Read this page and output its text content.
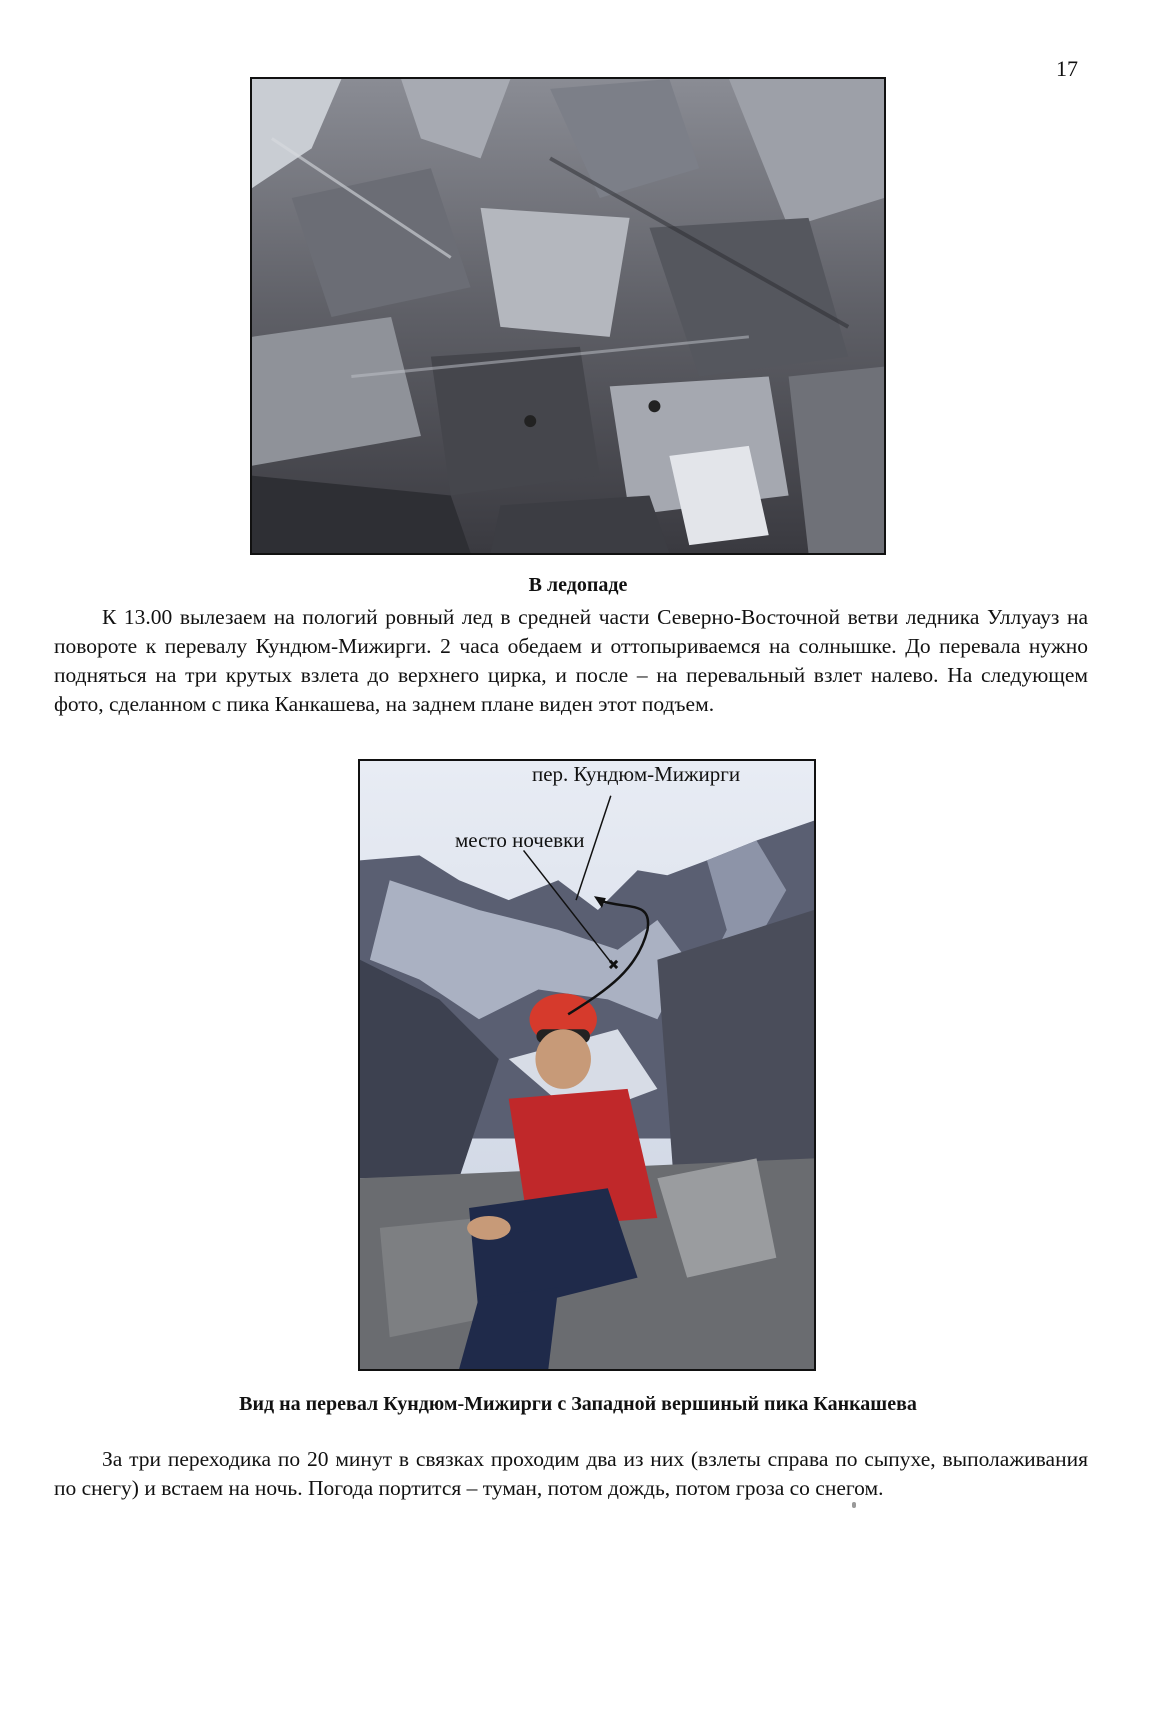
17
В ледопаде

К 13.00 вылезаем на пологий ровный лед в средней части Северно-Восточной ветви ледника Уллуауз на повороте к перевалу Кундюм-Мижирги. 2 часа обедаем и оттопыриваемся на солнышке. До перевала нужно подняться на три крутых взлета до верхнего цирка, и после – на перевальный взлет налево. На следующем фото, сделанном с пика Канкашева, на заднем плане виден этот подъем.

✖
пер. Кундюм-Мижирги
место ночевки
Вид на перевал Кундюм-Мижирги с Западной вершиный пика Канкашева

За три переходика по 20 минут в связках проходим два из них (взлеты справа по сыпухе, выполаживания по снегу) и встаем на ночь. Погода портится – туман, потом дождь, потом гроза со снегом.
